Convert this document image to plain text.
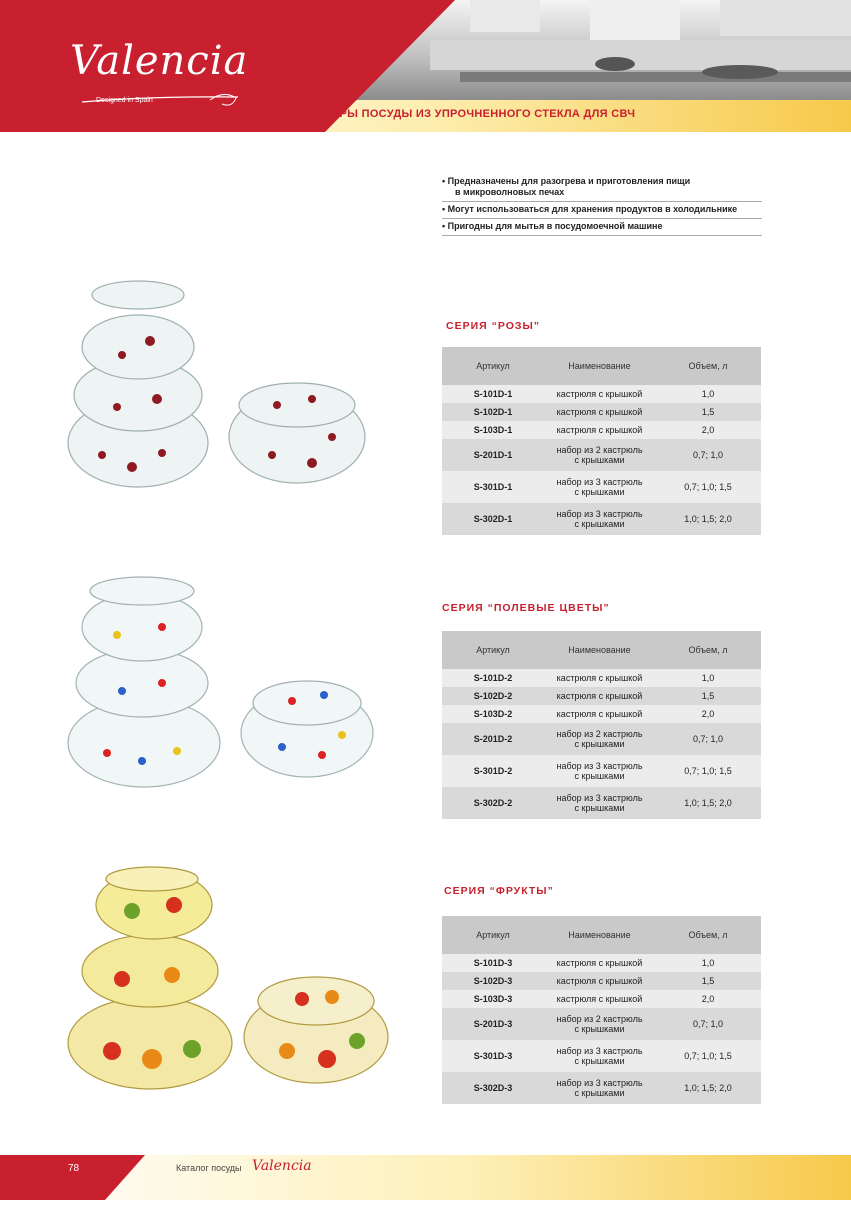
Valencia
Designed in Spain
НАБОРЫ ПОСУДЫ ИЗ УПРОЧНЕННОГО СТЕКЛА ДЛЯ СВЧ
• Предназначены для разогрева и приготовления пищи
в микроволновых печах
• Могут использоваться для хранения продуктов в холодильнике
• Пригодны для мытья в посудомоечной машине
СЕРИЯ “РОЗЫ”
Артикул	Наименование	Объем, л
S-101D-1	кастрюля с крышкой	1,0
S-102D-1	кастрюля с крышкой	1,5
S-103D-1	кастрюля с крышкой	2,0
S-201D-1	набор из 2 кастрюль
с крышками	0,7; 1,0
S-301D-1	набор из 3 кастрюль
с крышками	0,7; 1,0; 1,5
S-302D-1	набор из 3 кастрюль
с крышками	1,0; 1,5; 2,0
СЕРИЯ “ПОЛЕВЫЕ ЦВЕТЫ”
Артикул	Наименование	Объем, л
S-101D-2	кастрюля с крышкой	1,0
S-102D-2	кастрюля с крышкой	1,5
S-103D-2	кастрюля с крышкой	2,0
S-201D-2	набор из 2 кастрюль
с крышками	0,7; 1,0
S-301D-2	набор из 3 кастрюль
с крышками	0,7; 1,0; 1,5
S-302D-2	набор из 3 кастрюль
с крышками	1,0; 1,5; 2,0
СЕРИЯ “ФРУКТЫ”
Артикул	Наименование	Объем, л
S-101D-3	кастрюля с крышкой	1,0
S-102D-3	кастрюля с крышкой	1,5
S-103D-3	кастрюля с крышкой	2,0
S-201D-3	набор из 2 кастрюль
с крышками	0,7; 1,0
S-301D-3	набор из 3 кастрюль
с крышками	0,7; 1,0; 1,5
S-302D-3	набор из 3 кастрюль
с крышками	1,0; 1,5; 2,0
78	Каталог посуды Valencia
